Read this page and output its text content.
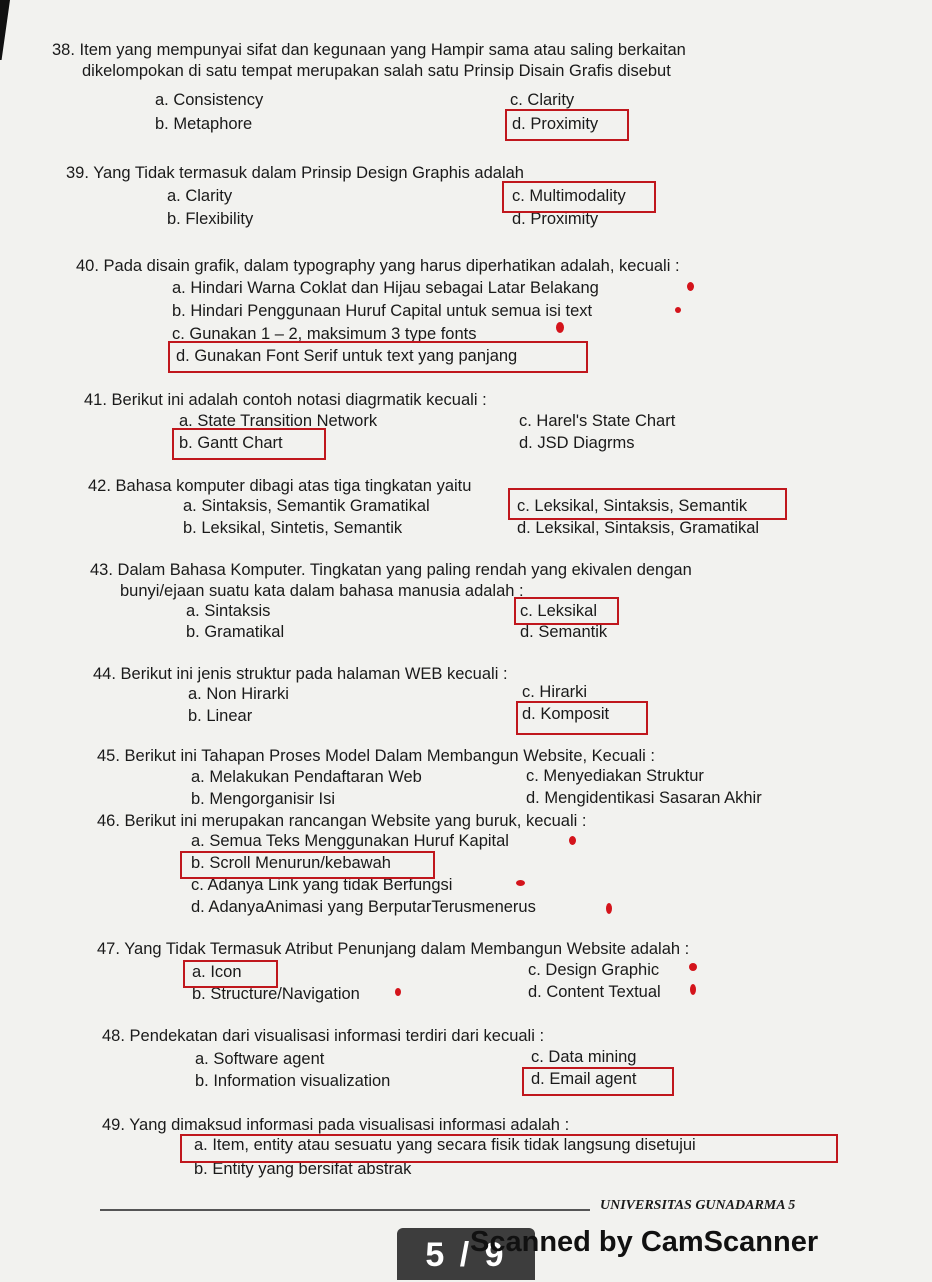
38. Item yang mempunyai sifat dan kegunaan yang Hampir sama atau saling berkaitan
dikelompokan di satu tempat merupakan salah satu Prinsip Disain Grafis disebut
a. Consistency
b. Metaphore
c. Clarity
d. Proximity
39. Yang Tidak termasuk dalam Prinsip Design Graphis adalah
a. Clarity
b. Flexibility
c. Multimodality
d. Proximity
40. Pada disain grafik, dalam typography yang harus diperhatikan adalah, kecuali :
a. Hindari Warna Coklat dan Hijau sebagai Latar Belakang
b. Hindari Penggunaan Huruf Capital untuk semua isi text
c. Gunakan 1 – 2, maksimum 3 type fonts
d. Gunakan Font Serif untuk text yang panjang
41. Berikut ini adalah contoh notasi diagrmatik kecuali :
a. State Transition Network
b. Gantt Chart
c. Harel's State Chart
d. JSD Diagrms
42. Bahasa komputer dibagi atas tiga tingkatan yaitu
a. Sintaksis, Semantik Gramatikal
b. Leksikal, Sintetis, Semantik
c. Leksikal, Sintaksis, Semantik
d. Leksikal, Sintaksis, Gramatikal
43. Dalam Bahasa Komputer. Tingkatan yang paling rendah yang ekivalen dengan
bunyi/ejaan suatu kata dalam bahasa manusia adalah :
a. Sintaksis
b. Gramatikal
c. Leksikal
d. Semantik
44. Berikut ini jenis struktur pada halaman WEB kecuali :
a. Non Hirarki
b. Linear
c. Hirarki
d. Komposit
45. Berikut ini Tahapan Proses Model Dalam Membangun Website, Kecuali :
a. Melakukan Pendaftaran Web
b. Mengorganisir Isi
c. Menyediakan Struktur
d. Mengidentikasi Sasaran Akhir
46. Berikut ini merupakan rancangan Website yang buruk, kecuali :
a. Semua Teks Menggunakan Huruf Kapital
b. Scroll Menurun/kebawah
c. Adanya Link yang tidak Berfungsi
d. AdanyaAnimasi yang BerputarTerusmenerus
47. Yang Tidak Termasuk Atribut Penunjang dalam Membangun Website adalah :
a. Icon
b. Structure/Navigation
c. Design Graphic
d. Content Textual
48. Pendekatan dari visualisasi informasi terdiri dari kecuali :
a. Software agent
b. Information visualization
c. Data mining
d. Email agent
49. Yang dimaksud informasi pada visualisasi informasi adalah :
a. Item, entity atau sesuatu yang secara fisik tidak langsung disetujui
b. Entity yang bersifat abstrak
UNIVERSITAS GUNADARMA 5
5 / 9
Scanned by CamScanner
